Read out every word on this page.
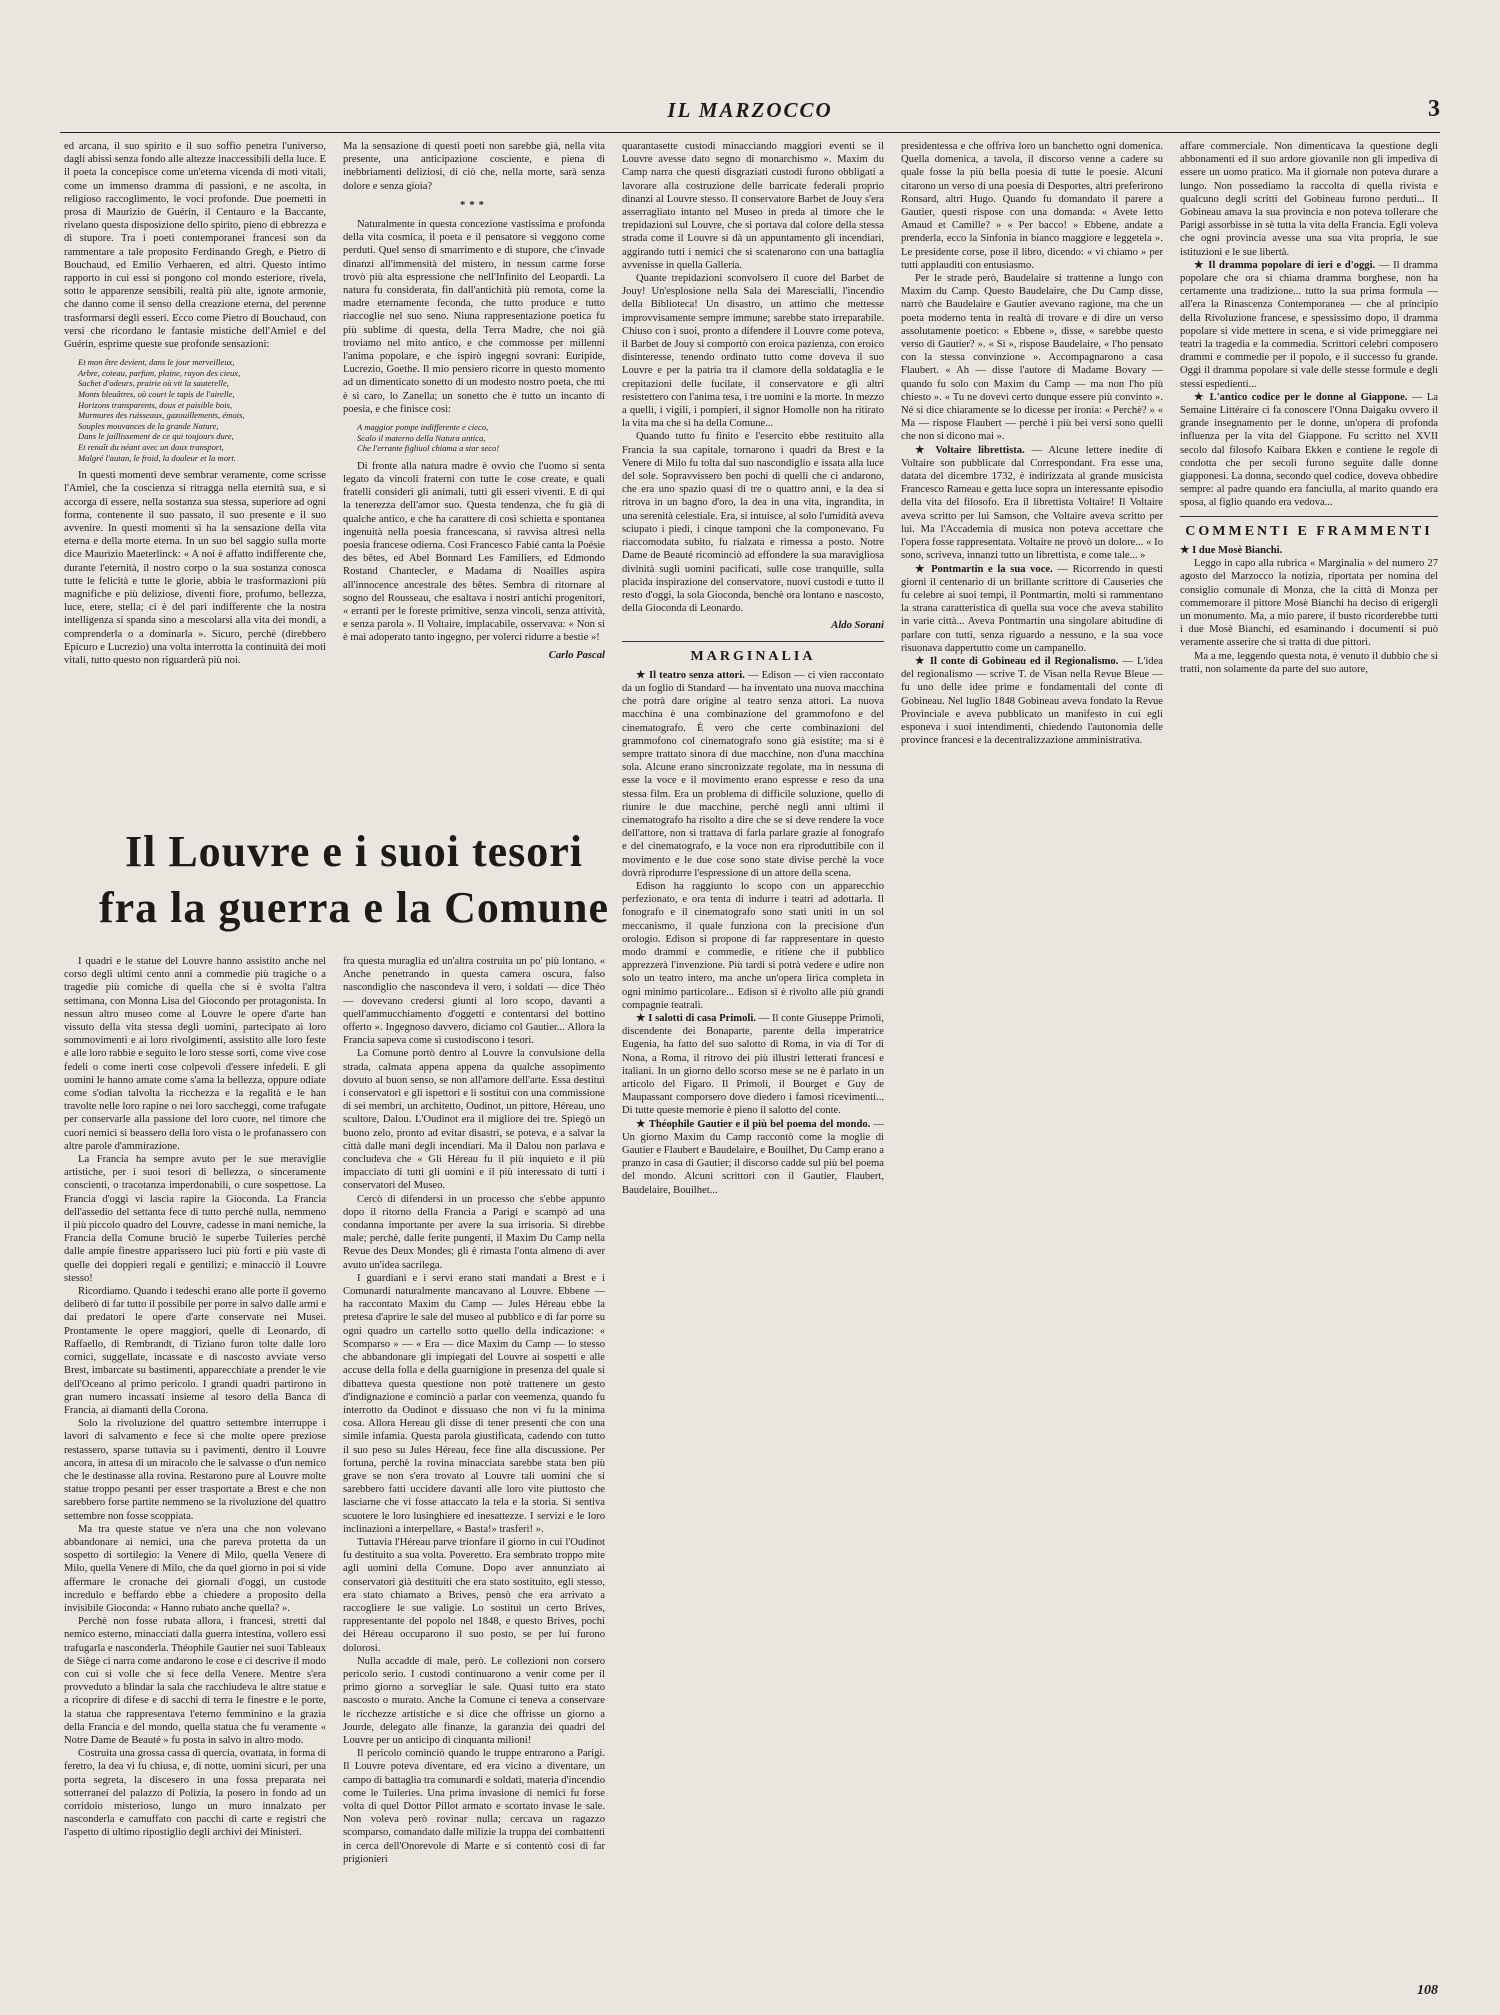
IL MARZOCCO	3

ed arcana, il suo spirito e il suo soffio penetra l'universo, dagli abissi senza fondo alle altezze inaccessibili della luce. E il poeta la concepisce come un'eterna vicenda di moti vitali, come un immenso dramma di passioni, e ne ascolta, in religioso raccoglimento, le voci profonde. Due poemetti in prosa di Maurizio de Guérin, il Centauro e la Baccante, rivelano questa disposizione dello spirito, pieno di ebbrezza e di stupore. Tra i poeti contemporanei francesi son da rammentare a tale proposito Ferdinando Gregh, e Pietro di Bouchaud, ed Emilio Verhaeren, ed altri. Questo intimo rapporto in cui essi si pongono col mondo esteriore, rivela, sotto le apparenze sensibili, realtà più alte, ignote armonie, che danno come il senso della creazione eterna, del perenne trasformarsi degli esseri. Ecco come Pietro di Bouchaud, con versi che ricordano le fantasie mistiche dell'Amiel e del Guérin, esprime queste sue profonde sensazioni:

Et mon être devient, dans le jour merveilleux,
Arbre, coteau, parfum, plaine, rayon des cieux,
Sachet d'odeurs, prairie où vit la sauterelle,
Monts bleuâtres, où court le tapis de l'airelle,
Horizons transparents, doux et paisible bois,
Murmures des ruisseaux, gazouillements, émois,
Souples mouvances de la grande Nature,
Dans le jaillissement de ce qui toujours dure,
Et renaît du néant avec un doux transport,
Malgré l'autan, le froid, la douleur et la mort.

In questi momenti deve sembrar veramente, come scrisse l'Amiel, che la coscienza si ritragga nella eternità sua, e si accorga di essere, nella sostanza sua stessa, superiore ad ogni forma, contenente il suo passato, il suo presente e il suo avvenire. In questi momenti si ha la sensazione della vita eterna e della morte eterna. In un suo bel saggio sulla morte dice Maurizio Maeterlinck: « A noi è affatto indifferente che, durante l'eternità, il nostro corpo o la sua sostanza conosca tutte le felicità e tutte le glorie, abbia le trasformazioni più magnifiche e più deliziose, diventi fiore, profumo, bellezza, luce, etere, stella; ci è del pari indifferente che la nostra intelligenza si spanda sino a mescolarsi alla vita dei mondi, a comprenderla o a dominarla ». Sicuro, perchè (direbbero Epicuro e Lucrezio) una volta interrotta la continuità dei moti vitali, tutto questo non riguarderà più noi.

Ma la sensazione di questi poeti non sarebbe già, nella vita presente, una anticipazione cosciente, e piena di inebbriamenti deliziosi, di ciò che, nella morte, sarà senza dolore e senza gioia?

***

Naturalmente in questa concezione vastissima e profonda della vita cosmica, il poeta e il pensatore si veggono come perduti. Quel senso di smarrimento e di stupore, che c'invade dinanzi all'immensità del mistero, in nessun carme forse trovò più alta espressione che nell'Infinito del Leopardi. La natura fu considerata, fin dall'antichità più remota, come la madre eternamente feconda, che tutto produce e tutto riaccoglie nel suo seno. Niuna rappresentazione poetica fu più sublime di questa, della Terra Madre, che noi già troviamo nel mito antico, e che commosse per millenni l'anima popolare, e che ispirò ingegni sovrani: Euripide, Lucrezio, Goethe. Il mio pensiero ricorre in questo momento ad un dimenticato sonetto di un modesto nostro poeta, che mi è sì caro, lo Zanella; un sonetto che è tutto un incanto di poesia, e che finisce così:

A maggior pompe indifferente e cieco,
Scalo il materno della Natura antica,
Che l'errante figliuol chiama a star seco!

Di fronte alla natura madre è ovvio che l'uomo si senta legato da vincoli fraterni con tutte le cose create, e quali fratelli consideri gli animali, tutti gli esseri viventi. E di qui la tenerezza dell'amor suo. Questa tendenza, che fu già di qualche antico, e che ha carattere di così schietta e spontanea ingenuità nella poesia francescana, si ravvisa altresì nella poesia francese odierna. Così Francesco Fabié canta la Poésie des bêtes, ed Abel Bonnard Les Familiers, ed Edmondo Rostand Chantecler, e Madama di Noailles aspira all'innocence ancestrale des bêtes. Sembra di ritornare al sogno del Rousseau, che esaltava i nostri antichi progenitori, « erranti per le foreste primitive, senza vincoli, senza attività, e senza parola ». Il Voltaire, implacabile, osservava: « Non si è mai adoperato tanto ingegno, per volerci ridurre a bestie »!

Carlo Pascal
Il Louvre e i suoi tesori
fra la guerra e la Comune

I quadri e le statue del Louvre hanno assistito anche nel corso degli ultimi cento anni a commedie più tragiche o a tragedie più comiche di quella che si è svolta l'altra settimana, con Monna Lisa del Giocondo per protagonista. In nessun altro museo come al Louvre le opere d'arte han vissuto della vita stessa degli uomini, partecipato ai loro sommovimenti e ai loro rivolgimenti, assistito alle loro feste e alle loro rabbie e seguito le loro stesse sorti, come vive cose fedeli o come inerti cose colpevoli d'essere infedeli. E gli uomini le hanno amate come s'ama la bellezza, oppure odiate come s'odian talvolta la ricchezza e la regalità e le han travolte nelle loro rapine o nei loro saccheggi, come trafugate per conservarle alla passione del loro cuore, nel timore che cuori nemici si beassero della loro vista o le profanassero con altre parole d'ammirazione.

La Francia ha sempre avuto per le sue meraviglie artistiche, per i suoi tesori di bellezza, o sinceramente conscienti, o tracotanza imperdonabili, o cure sospettose. La Francia d'oggi vi lascia rapire la Gioconda. La Francia dell'assedio del settanta fece di tutto perchè nulla, nemmeno il più piccolo quadro del Louvre, cadesse in mani nemiche, la Francia della Comune bruciò le superbe Tuileries perchè dalle ampie finestre apparissero luci più forti e più vaste di quelle dei doppieri regali e gentilizi; e minacciò il Louvre stesso!

Ricordiamo. Quando i tedeschi erano alle porte il governo deliberò di far tutto il possibile per porre in salvo dalle armi e dai predatori le opere d'arte conservate nei Musei. Prontamente le opere maggiori, quelle di Leonardo, di Raffaello, di Rembrandt, di Tiziano furon tolte dalle loro cornici, suggellate, incassate e di nascosto avviate verso Brest, imbarcate su bastimenti, apparecchiate a prender le vie dell'Oceano al primo pericolo. I grandi quadri partirono in gran numero incassati insieme al tesoro della Banca di Francia, ai diamanti della Corona.

Solo la rivoluzione del quattro settembre interruppe i lavori di salvamento e fece sì che molte opere preziose restassero, sparse tuttavia su i pavimenti, dentro il Louvre ancora, in attesa di un miracolo che le salvasse o d'un nemico che le destinasse alla rovina. Restarono pure al Louvre molte statue troppo pesanti per esser trasportate a Brest e che non sarebbero forse partite nemmeno se la rivoluzione del quattro settembre non fosse scoppiata.

Ma tra queste statue ve n'era una che non volevano abbandonare ai nemici, una che pareva protetta da un sospetto di sortilegio: la Venere di Milo, quella Venere di Milo, quella Venere di Milo, che da quel giorno in poi si vide affermare le cronache dei giornali d'oggi, un custode incredulo e beffardo ebbe a chiedere a proposito della invisibile Gioconda: « Hanno rubato anche quella? ».

Perchè non fosse rubata allora, i francesi, stretti dal nemico esterno, minacciati dalla guerra intestina, vollero essi trafugarla e nasconderla. Théophile Gautier nei suoi Tableaux de Siège ci narra come andarono le cose e ci descrive il modo con cui si volle che si fece della Venere. Mentre s'era provveduto a blindar la sala che racchiudeva le altre statue e a ricoprire di difese e di sacchi di terra le finestre e le porte, la statua che rappresentava l'eterno femminino e la grazia della Francia e del mondo, quella statua che fu veramente « Notre Dame de Beauté » fu posta in salvo in altro modo.

Costruita una grossa cassa di quercia, ovattata, in forma di feretro, la dea vi fu chiusa, e, di notte, uomini sicuri, per una porta segreta, la discesero in una fossa preparata nei sotterranei del palazzo di Polizia, la posero in fondo ad un corridoio misterioso, lungo un muro innalzato per nasconderla e camuffato con pacchi di carte e registri che l'aspetto di ultimo ripostiglio degli archivi dei Ministeri.

fra questa muraglia ed un'altra costruita un po' più lontano. « Anche penetrando in questa camera oscura, falso nascondiglio che nascondeva il vero, i soldati — dice Théo — dovevano credersi giunti al loro scopo, davanti a quell'ammucchiamento d'oggetti e contentarsi del bottino offerto ». Ingegnoso davvero, diciamo col Gautier... Allora la Francia sapeva come si custodiscono i tesori.

La Comune portò dentro al Louvre la convulsione della strada, calmata appena appena da qualche assopimento dovuto al buon senso, se non all'amore dell'arte. Essa destituì i conservatori e gli ispettori e li sostituì con una commissione di sei membri, un architetto, Oudinot, un pittore, Héreau, uno scultore, Dalou. L'Oudinot era il migliore dei tre. Spiegò un buono zelo, pronto ad evitar disastri, se poteva, e a salvar la città dalle mani degli incendiari. Ma il Dalou non parlava e concludeva che « Gli Héreau fu il più inquieto e il più impacciato di tutti gli uomini e il più interessato di tutti i conservatori del Museo.

Cercò di difendersi in un processo che s'ebbe appunto dopo il ritorno della Francia a Parigi e scampò ad una condanna importante per avere la sua irrisoria. Si direbbe male; perchè, dalle ferite pungenti, il Maxim Du Camp nella Revue des Deux Mondes; gli è rimasta l'onta almeno di aver avuto un'idea sacrilega.

I guardiani e i servi erano stati mandati a Brest e i Comunardi naturalmente mancavano al Louvre. Ebbene — ha raccontato Maxim du Camp — Jules Héreau ebbe la pretesa d'aprire le sale del museo al pubblico e di far porre su ogni quadro un cartello sotto quello della indicazione: « Scomparso » — « Era — dice Maxim du Camp — lo stesso che abbandonare gli impiegati del Louvre ai sospetti e alle accuse della folla e della guarnigione in presenza del quale si dibatteva questa questione non potè trattenere un gesto d'indignazione e cominciò a parlar con veemenza, quando fu interrotto da Oudinot e dissuaso che non vi fu la minima cosa. Allora Hereau gli disse di tener presenti che con una simile infamia. Questa parola giustificata, cadendo con tutto il suo peso su Jules Héreau, fece fine alla discussione. Per fortuna, perchè la rovina minacciata sarebbe stata ben più grave se non s'era trovato al Louvre tali uomini che si sarebbero fatti uccidere davanti alle loro vite piuttosto che lasciarne che vi fosse attaccato la tela e la storia. Si sentiva scuotere le loro lusinghiere ed inesattezze. I servizi e le loro inclinazioni a interpellare, « Basta!» trasferì! ».

Tuttavia l'Héreau parve trionfare il giorno in cui l'Oudinot fu destituito a sua volta. Poveretto. Era sembrato troppo mite agli uomini della Comune. Dopo aver annunziato ai conservatori già destituiti che era stato sostituito, egli stesso, era stato chiamato a Brives, pensò che era arrivato a raccogliere le sue valigie. Lo sostituì un certo Brives, rappresentante del popolo nel 1848, e questo Brives, pochi dei Héreau occuparono il suo posto, se per lui furono dolorosi.

Nulla accadde di male, però. Le collezioni non corsero pericolo serio. I custodi continuarono a venir come per il primo giorno a sorvegliar le sale. Quasi tutto era stato nascosto o murato. Anche la Comune ci teneva a conservare le ricchezze artistiche e si dice che offrisse un giorno a Jourde, delegato alle finanze, la garanzia dei quadri del Louvre per un anticipo di cinquanta milioni!

Il pericolo cominciò quando le truppe entrarono a Parigi. Il Louvre poteva diventare, ed era vicino a diventare, un campo di battaglia tra comunardi e soldati, materia d'incendio come le Tuileries. Una prima invasione di nemici fu forse volta di quel Dottor Pillot armato e scortato invase le sale. Non voleva però rovinar nulla; cercava un ragazzo scomparso, comandato dalle milizie la truppa dei combattenti in cerca dell'Onorevole di Marte e si contentò così di far prigionieri

quarantasette custodi minacciando maggiori eventi se il Louvre avesse dato segno di monarchismo ». Maxim du Camp narra che questi disgraziati custodi furono obbligati a lavorare alla costruzione delle barricate federali proprio dinanzi al Louvre stesso. Il conservatore Barbet de Jouy s'era asserragliato intanto nel Museo in preda al timore che le trepidazioni sul Louvre, che si portava dal colore della stessa strada come il Louvre si dà un appuntamento gli incendiari, aggirando tutti i nemici che si scatenarono con una battaglia avvenisse in quella Galleria.

Quante trepidazioni sconvolsero il cuore del Barbet de Jouy! Un'esplosione nella Sala dei Marescialli, l'incendio della Biblioteca! Un disastro, un attimo che mettesse improvvisamente sempre immune; sarebbe stato irreparabile. Chiuso con i suoi, pronto a difendere il Louvre come poteva, il Barbet de Jouy si comportò con eroica pazienza, con eroico disinteresse, tenendo ordinato tutto come doveva il suo Louvre e per la patria tra il clamore della soldataglia e le crepitazioni delle fucilate, il conservatore e gli altri resistettero con l'anima tesa, i tre uomini e la morte. In mezzo a quelli, i vigili, i pompieri, il signor Homolle non ha ritirato la vita ma che si ha della Comune...

Quando tutto fu finito e l'esercito ebbe restituito alla Francia la sua capitale, tornarono i quadri da Brest e la Venere di Milo fu tolta dal suo nascondiglio e issata alla luce del sole. Sopravvissero ben pochi di quelli che ci andarono, che era uno spazio quasi di tre o quattro anni, e la dea si ritrova in un bagno d'oro, la dea in una vita, ingrandita, in una serenità celestiale. Era, si intuisce, al solo l'umidità aveva sciupato i piedi, i cinque tamponi che la componevano. Fu riaccomodata subito, fu rialzata e rimessa a posto. Notre Dame de Beauté ricominciò ad effondere la sua maravigliosa divinità sugli uomini pacificati, sulle cose tranquille, sulla placida inspirazione del conservatore, nuovi custodi e tutto il resto d'oggi, la sola Gioconda, benchè ora lontano e nascosto, della Gioconda di Leonardo.

Aldo Sorani
MARGINALIA

★ Il teatro senza attori. — Edison — ci vien raccontato da un foglio di Standard — ha inventato una nuova macchina che potrà dare origine al teatro senza attori. La nuova macchina è una combinazione del grammofono e del cinematografo. È vero che certe combinazioni del grammofono col cinematografo sono già esistite; ma si è sempre trattato sinora di due macchine, non d'una macchina sola. Alcune erano sincronizzate regolate, ma in nessuna di esse la voce e il movimento erano espresse e reso da una stessa film. Era un problema di difficile soluzione, quello di riunire le due macchine, perchè negli anni ultimi il cinematografo ha risolto a dire che se si deve rendere la voce dell'attore, non si trattava di farla parlare grazie al fonografo e del cinematografo, e la voce non era riproduttibile con il movimento e le due cose sono state divise perchè la voce dovrà riprodurre l'espressione di un attore della scena.

Edison ha raggiunto lo scopo con un apparecchio perfezionato, e ora tenta di indurre i teatri ad adottarla. Il fonografo e il cinematografo sono stati uniti in un sol meccanismo, il quale funziona con la precisione d'un orologio. Edison si propone di far rappresentare in questo modo drammi e commedie, e ritiene che il pubblico apprezzerà l'invenzione. Più tardi si potrà vedere e udire non solo un teatro intero, ma anche un'opera lirica completa in ogni minimo particolare... Edison si è rivolto alle più grandi compagnie teatrali.

★ I salotti di casa Primoli. — Il conte Giuseppe Primoli, discendente dei Bonaparte, parente della imperatrice Eugenia, ha fatto del suo salotto di Roma, in via di Tor di Nona, a Roma, il ritrovo dei più illustri letterati francesi e italiani. In un giorno dello scorso mese se ne è parlato in un articolo del Figaro. Il Primoli, il Bourget e Guy de Maupassant comporsero dove diedero i famosi ricevimenti... Di tutte queste memorie è pieno il salotto del conte.

★ Théophile Gautier e il più bel poema del mondo. — Un giorno Maxim du Camp raccontò come la moglie di Gautier e Flaubert e Baudelaire, e Bouilhet, Du Camp erano a pranzo in casa di Gautier; il discorso cadde sul più bel poema del mondo. Alcuni scrittori con il Gautier, Flaubert, Baudelaire, Bouilhet...

presidentessa e che offriva loro un banchetto ogni domenica. Quella domenica, a tavola, il discorso venne a cadere su quale fosse la più bella poesia di tutte le poesie. Alcuni citarono un verso di una poesia di Desportes, altri preferirono Ronsard, altri Hugo. Quando fu domandato il parere a Gautier, questi rispose con una domanda: « Avete letto Amaud et Camille? » « Per bacco! » Ebbene, andate a prenderla, ecco la Sinfonia in bianco maggiore e leggetela ». Le presidente corse, pose il libro, dicendo: « vi chiamo » per tutti applauditi con entusiasmo.

Per le strade però, Baudelaire si trattenne a lungo con Maxim du Camp. Questo Baudelaire, che Du Camp disse, narrò che Baudelaire e Gautier avevano ragione, ma che un poeta moderno tenta in realtà di trovare e di dire un verso assolutamente poetico: « Ebbene », disse, « sarebbe questo verso di Gautier? ». « Sì », rispose Baudelaire, « l'ho pensato con la stessa convinzione ». Accompagnarono a casa Flaubert. « Ah — disse l'autore di Madame Bovary — quando fu solo con Maxim du Camp — ma non l'ho più chiesto ». « Tu ne dovevi certo dunque essere più convinto ». Né si dice chiaramente se lo dicesse per ironia: « Perchè? » « Ma — rispose Flaubert — perchè i più bei versi sono quelli che non si dicono mai ».

★ Voltaire librettista. — Alcune lettere inedite di Voltaire son pubblicate dal Correspondant. Fra esse una, datata del dicembre 1732, è indirizzata al grande musicista Francesco Rameau e getta luce sopra un interessante episodio della vita del filosofo. Era il librettista Voltaire! Il Voltaire aveva scritto per lui Samson, che Voltaire aveva scritto per lui. Ma l'Accademia di musica non poteva accettare che l'opera fosse rappresentata. Voltaire ne provò un dolore... « Io sono, scriveva, innanzi tutto un librettista, e come tale... »

★ Pontmartin e la sua voce. — Ricorrendo in questi giorni il centenario di un brillante scrittore di Causeries che fu celebre ai suoi tempi, il Pontmartin, molti si rammentano la strana caratteristica di quella sua voce che aveva stabilito in varie città... Aveva Pontmartin una singolare abitudine di parlare con tutti, senza riguardo a nessuno, e la sua voce risuonava dappertutto come un campanello.

★ Il conte di Gobineau ed il Regionalismo. — L'idea del regionalismo — scrive T. de Visan nella Revue Bleue — fu uno delle idee prime e fondamentali del conte di Gobineau. Nel luglio 1848 Gobineau aveva fondato la Revue Provinciale e aveva pubblicato un manifesto in cui egli esponeva i suoi intendimenti, chiedendo l'autonomia delle province francesi e la decentralizzazione amministrativa.

affare commerciale. Non dimenticava la questione degli abbonamenti ed il suo ardore giovanile non gli impediva di essere un uomo pratico. Ma il giornale non poteva durare a lungo. Non possediamo la raccolta di quella rivista e qualcuno degli scritti del Gobineau furono perduti... Il Gobineau amava la sua provincia e non poteva tollerare che Parigi assorbisse in sè tutta la vita della Francia. Egli voleva che ogni provincia avesse una sua vita propria, le sue istituzioni e le sue libertà.

★ Il dramma popolare di ieri e d'oggi. — Il dramma popolare che ora si chiama dramma borghese, non ha certamente una tradizione... tutto la sua prima formula — all'era la Rinascenza Contemporanea — che al principio della Rivoluzione francese, e spessissimo dopo, il dramma popolare si vide mettere in scena, e si vide primeggiare nei teatri la tragedia e la commedia. Scrittori celebri composero drammi e commedie per il popolo, e il successo fu grande. Oggi il dramma popolare si vale delle stesse formule e degli stessi espedienti...

★ L'antico codice per le donne al Giappone. — La Semaine Littéraire ci fa conoscere l'Onna Daigaku ovvero il grande insegnamento per le donne, un'opera di profonda influenza per la vita del Giappone. Fu scritto nel XVII secolo dal filosofo Kaibara Ekken e contiene le regole di condotta che per secoli furono seguite dalle donne giapponesi. La donna, secondo quel codice, doveva obbedire sempre: al padre quando era fanciulla, al marito quando era sposa, al figlio quando era vedova...

COMMENTI E FRAMMENTI

★ I due Mosè Bianchi.

Leggo in capo alla rubrica « Marginalia » del numero 27 agosto del Marzocco la notizia, riportata per nomina del consiglio comunale di Monza, che la città di Monza per commemorare il pittore Mosè Bianchi ha deciso di erigergli un monumento. Ma, a mio parere, il busto ricorderebbe tutti i due Mosè Bianchi, ed esaminando i documenti si può veramente asserire che si tratta di due pittori.

Ma a me, leggendo questa nota, è venuto il dubbio che si tratti, non solamente da parte del suo autore,

108
